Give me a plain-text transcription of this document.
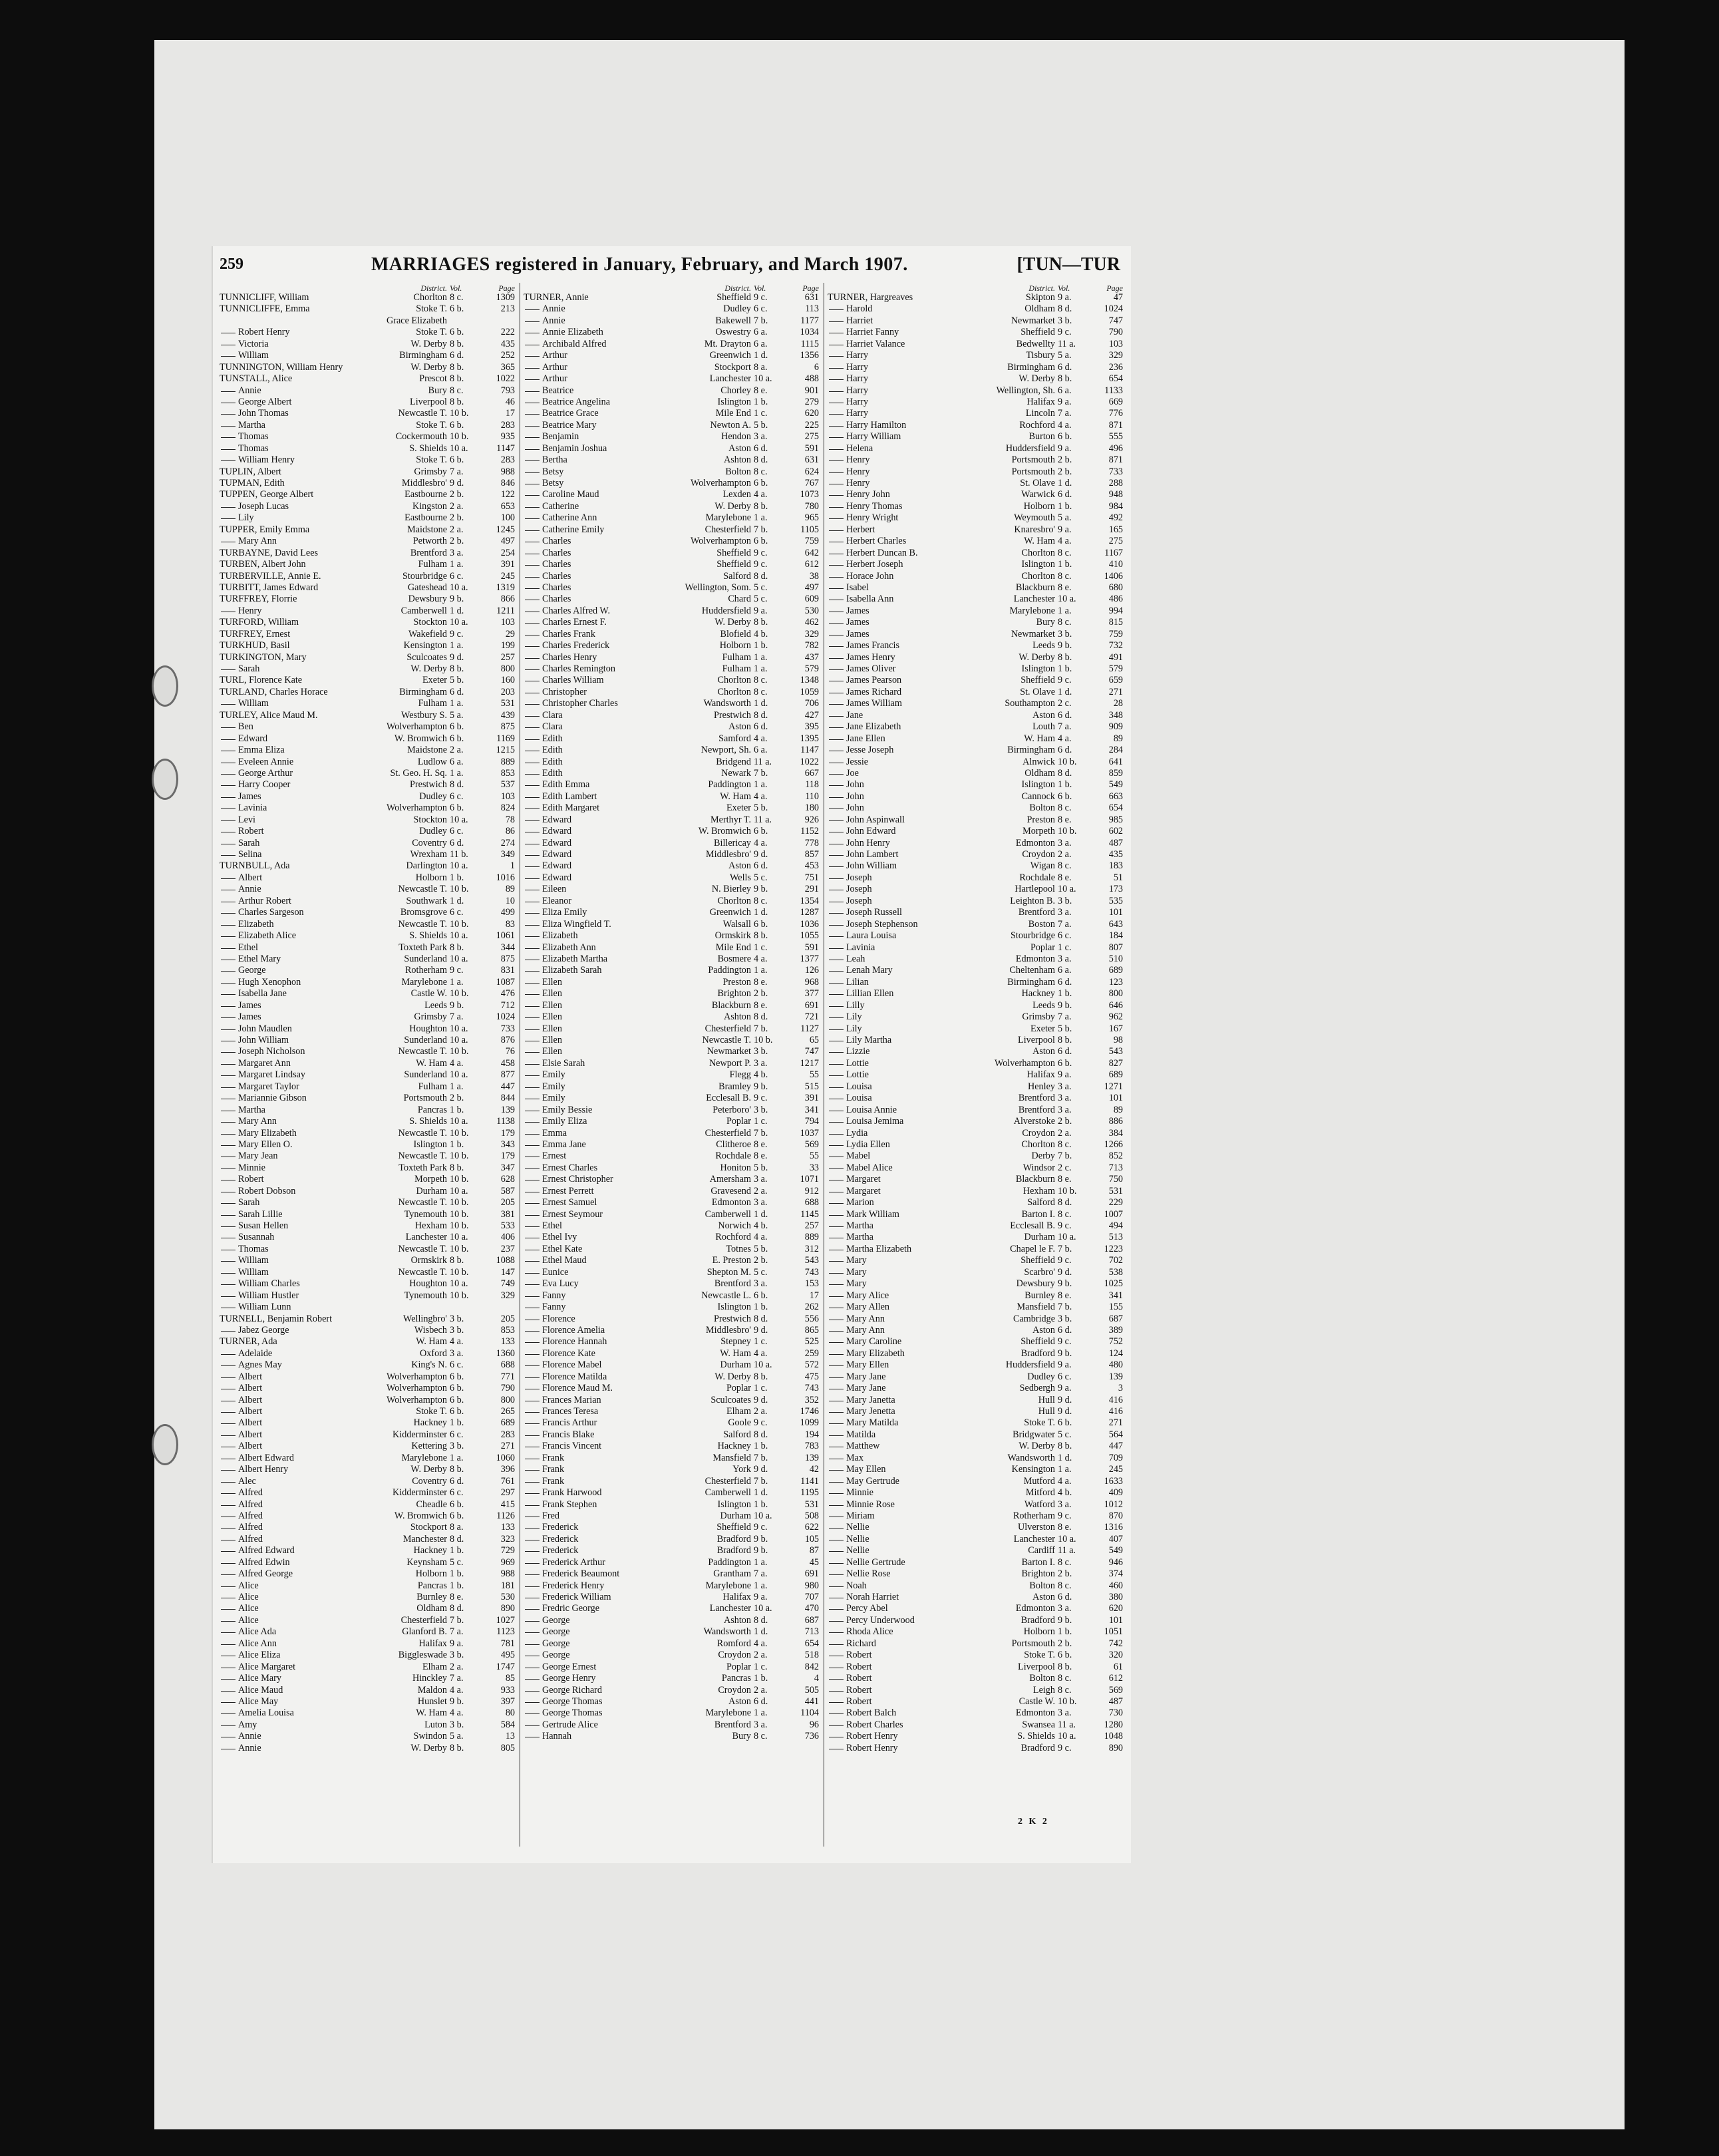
259	MARRIAGES registered in January, February, and March 1907.	[TUN—TUR
District. Vol.	Page
TUNNICLIFF, William	Chorlton 8 c.	1309
TUNNICLIFFE, Emma	Stoke T. 6 b.	213
Grace Elizabeth
Robert Henry	Stoke T. 6 b.	222
Victoria	W. Derby 8 b.	435
William	Birmingham 6 d.	252
TUNNINGTON, William Henry	W. Derby 8 b.	365
TUNSTALL, Alice	Prescot 8 b.	1022
Annie	Bury 8 c.	793
George Albert	Liverpool 8 b.	46
John Thomas	Newcastle T. 10 b.	17
Martha	Stoke T. 6 b.	283
Thomas	Cockermouth 10 b.	935
Thomas	S. Shields 10 a.	1147
William Henry	Stoke T. 6 b.	283
TUPLIN, Albert	Grimsby 7 a.	988
TUPMAN, Edith	Middlesbro' 9 d.	846
TUPPEN, George Albert	Eastbourne 2 b.	122
Joseph Lucas	Kingston 2 a.	653
Lily	Eastbourne 2 b.	100
TUPPER, Emily Emma	Maidstone 2 a.	1245
Mary Ann	Petworth 2 b.	497
TURBAYNE, David Lees	Brentford 3 a.	254
TURBEN, Albert John	Fulham 1 a.	391
TURBERVILLE, Annie E.	Stourbridge 6 c.	245
TURBITT, James Edward	Gateshead 10 a.	1319
TURFFREY, Florrie	Dewsbury 9 b.	866
Henry	Camberwell 1 d.	1211
TURFORD, William	Stockton 10 a.	103
TURFREY, Ernest	Wakefield 9 c.	29
TURKHUD, Basil	Kensington 1 a.	199
TURKINGTON, Mary	Sculcoates 9 d.	257
Sarah	W. Derby 8 b.	800
TURL, Florence Kate	Exeter 5 b.	160
TURLAND, Charles Horace	Birmingham 6 d.	203
William	Fulham 1 a.	531
TURLEY, Alice Maud M.	Westbury S. 5 a.	439
Ben	Wolverhampton 6 b.	875
Edward	W. Bromwich 6 b.	1169
Emma Eliza	Maidstone 2 a.	1215
Eveleen Annie	Ludlow 6 a.	889
George Arthur	St. Geo. H. Sq. 1 a.	853
Harry Cooper	Prestwich 8 d.	537
James	Dudley 6 c.	103
Lavinia	Wolverhampton 6 b.	824
Levi	Stockton 10 a.	78
Robert	Dudley 6 c.	86
Sarah	Coventry 6 d.	274
Selina	Wrexham 11 b.	349
TURNBULL, Ada	Darlington 10 a.	1
Albert	Holborn 1 b.	1016
Annie	Newcastle T. 10 b.	89
Arthur Robert	Southwark 1 d.	10
Charles Sargeson	Bromsgrove 6 c.	499
Elizabeth	Newcastle T. 10 b.	83
Elizabeth Alice	S. Shields 10 a.	1061
Ethel	Toxteth Park 8 b.	344
Ethel Mary	Sunderland 10 a.	875
George	Rotherham 9 c.	831
Hugh Xenophon	Marylebone 1 a.	1087
Isabella Jane	Castle W. 10 b.	476
James	Leeds 9 b.	712
James	Grimsby 7 a.	1024
John Maudlen	Houghton 10 a.	733
John William	Sunderland 10 a.	876
Joseph Nicholson	Newcastle T. 10 b.	76
Margaret Ann	W. Ham 4 a.	458
Margaret Lindsay	Sunderland 10 a.	877
Margaret Taylor	Fulham 1 a.	447
Mariannie Gibson	Portsmouth 2 b.	844
Martha	Pancras 1 b.	139
Mary Ann	S. Shields 10 a.	1138
Mary Elizabeth	Newcastle T. 10 b.	179
Mary Ellen O.	Islington 1 b.	343
Mary Jean	Newcastle T. 10 b.	179
Minnie	Toxteth Park 8 b.	347
Robert	Morpeth 10 b.	628
Robert Dobson	Durham 10 a.	587
Sarah	Newcastle T. 10 b.	205
Sarah Lillie	Tynemouth 10 b.	381
Susan Hellen	Hexham 10 b.	533
Susannah	Lanchester 10 a.	406
Thomas	Newcastle T. 10 b.	237
William	Ormskirk 8 b.	1088
William	Newcastle T. 10 b.	147
William Charles	Houghton 10 a.	749
William Hustler	Tynemouth 10 b.	329
William Lunn
TURNELL, Benjamin Robert	Wellingbro' 3 b.	205
Jabez George	Wisbech 3 b.	853
TURNER, Ada	W. Ham 4 a.	133
Adelaide	Oxford 3 a.	1360
Agnes May	King's N. 6 c.	688
Albert	Wolverhampton 6 b.	771
Albert	Wolverhampton 6 b.	790
Albert	Wolverhampton 6 b.	800
Albert	Stoke T. 6 b.	265
Albert	Hackney 1 b.	689
Albert	Kidderminster 6 c.	283
Albert	Kettering 3 b.	271
Albert Edward	Marylebone 1 a.	1060
Albert Henry	W. Derby 8 b.	396
Alec	Coventry 6 d.	761
Alfred	Kidderminster 6 c.	297
Alfred	Cheadle 6 b.	415
Alfred	W. Bromwich 6 b.	1126
Alfred	Stockport 8 a.	133
Alfred	Manchester 8 d.	323
Alfred Edward	Hackney 1 b.	729
Alfred Edwin	Keynsham 5 c.	969
Alfred George	Holborn 1 b.	988
Alice	Pancras 1 b.	181
Alice	Burnley 8 e.	530
Alice	Oldham 8 d.	890
Alice	Chesterfield 7 b.	1027
Alice Ada	Glanford B. 7 a.	1123
Alice Ann	Halifax 9 a.	781
Alice Eliza	Biggleswade 3 b.	495
Alice Margaret	Elham 2 a.	1747
Alice Mary	Hinckley 7 a.	85
Alice Maud	Maldon 4 a.	933
Alice May	Hunslet 9 b.	397
Amelia Louisa	W. Ham 4 a.	80
Amy	Luton 3 b.	584
Annie	Swindon 5 a.	13
Annie	W. Derby 8 b.	805
District. Vol.	Page
TURNER, Annie	Sheffield 9 c.	631
Annie	Dudley 6 c.	113
Annie	Bakewell 7 b.	1177
Annie Elizabeth	Oswestry 6 a.	1034
Archibald Alfred	Mt. Drayton 6 a.	1115
Arthur	Greenwich 1 d.	1356
Arthur	Stockport 8 a.	6
Arthur	Lanchester 10 a.	488
Beatrice	Chorley 8 e.	901
Beatrice Angelina	Islington 1 b.	279
Beatrice Grace	Mile End 1 c.	620
Beatrice Mary	Newton A. 5 b.	225
Benjamin	Hendon 3 a.	275
Benjamin Joshua	Aston 6 d.	591
Bertha	Ashton 8 d.	631
Betsy	Bolton 8 c.	624
Betsy	Wolverhampton 6 b.	767
Caroline Maud	Lexden 4 a.	1073
Catherine	W. Derby 8 b.	780
Catherine Ann	Marylebone 1 a.	965
Catherine Emily	Chesterfield 7 b.	1105
Charles	Wolverhampton 6 b.	759
Charles	Sheffield 9 c.	642
Charles	Sheffield 9 c.	612
Charles	Salford 8 d.	38
Charles	Wellington, Som. 5 c.	497
Charles	Chard 5 c.	609
Charles Alfred W.	Huddersfield 9 a.	530
Charles Ernest F.	W. Derby 8 b.	462
Charles Frank	Blofield 4 b.	329
Charles Frederick	Holborn 1 b.	782
Charles Henry	Fulham 1 a.	437
Charles Remington	Fulham 1 a.	579
Charles William	Chorlton 8 c.	1348
Christopher	Chorlton 8 c.	1059
Christopher Charles	Wandsworth 1 d.	706
Clara	Prestwich 8 d.	427
Clara	Aston 6 d.	395
Edith	Samford 4 a.	1395
Edith	Newport, Sh. 6 a.	1147
Edith	Bridgend 11 a.	1022
Edith	Newark 7 b.	667
Edith Emma	Paddington 1 a.	118
Edith Lambert	W. Ham 4 a.	110
Edith Margaret	Exeter 5 b.	180
Edward	Merthyr T. 11 a.	926
Edward	W. Bromwich 6 b.	1152
Edward	Billericay 4 a.	778
Edward	Middlesbro' 9 d.	857
Edward	Aston 6 d.	453
Edward	Wells 5 c.	751
Eileen	N. Bierley 9 b.	291
Eleanor	Chorlton 8 c.	1354
Eliza Emily	Greenwich 1 d.	1287
Eliza Wingfield T.	Walsall 6 b.	1036
Elizabeth	Ormskirk 8 b.	1055
Elizabeth Ann	Mile End 1 c.	591
Elizabeth Martha	Bosmere 4 a.	1377
Elizabeth Sarah	Paddington 1 a.	126
Ellen	Preston 8 e.	968
Ellen	Brighton 2 b.	377
Ellen	Blackburn 8 e.	691
Ellen	Ashton 8 d.	721
Ellen	Chesterfield 7 b.	1127
Ellen	Newcastle T. 10 b.	65
Ellen	Newmarket 3 b.	747
Elsie Sarah	Newport P. 3 a.	1217
Emily	Flegg 4 b.	55
Emily	Bramley 9 b.	515
Emily	Ecclesall B. 9 c.	391
Emily Bessie	Peterboro' 3 b.	341
Emily Eliza	Poplar 1 c.	794
Emma	Chesterfield 7 b.	1037
Emma Jane	Clitheroe 8 e.	569
Ernest	Rochdale 8 e.	55
Ernest Charles	Honiton 5 b.	33
Ernest Christopher	Amersham 3 a.	1071
Ernest Perrett	Gravesend 2 a.	912
Ernest Samuel	Edmonton 3 a.	688
Ernest Seymour	Camberwell 1 d.	1145
Ethel	Norwich 4 b.	257
Ethel Ivy	Rochford 4 a.	889
Ethel Kate	Totnes 5 b.	312
Ethel Maud	E. Preston 2 b.	543
Eunice	Shepton M. 5 c.	743
Eva Lucy	Brentford 3 a.	153
Fanny	Newcastle L. 6 b.	17
Fanny	Islington 1 b.	262
Florence	Prestwich 8 d.	556
Florence Amelia	Middlesbro' 9 d.	865
Florence Hannah	Stepney 1 c.	525
Florence Kate	W. Ham 4 a.	259
Florence Mabel	Durham 10 a.	572
Florence Matilda	W. Derby 8 b.	475
Florence Maud M.	Poplar 1 c.	743
Frances Marian	Sculcoates 9 d.	352
Frances Teresa	Elham 2 a.	1746
Francis Arthur	Goole 9 c.	1099
Francis Blake	Salford 8 d.	194
Francis Vincent	Hackney 1 b.	783
Frank	Mansfield 7 b.	139
Frank	York 9 d.	42
Frank	Chesterfield 7 b.	1141
Frank Harwood	Camberwell 1 d.	1195
Frank Stephen	Islington 1 b.	531
Fred	Durham 10 a.	508
Frederick	Sheffield 9 c.	622
Frederick	Bradford 9 b.	105
Frederick	Bradford 9 b.	87
Frederick Arthur	Paddington 1 a.	45
Frederick Beaumont	Grantham 7 a.	691
Frederick Henry	Marylebone 1 a.	980
Frederick William	Halifax 9 a.	707
Fredric George	Lanchester 10 a.	470
George	Ashton 8 d.	687
George	Wandsworth 1 d.	713
George	Romford 4 a.	654
George	Croydon 2 a.	518
George Ernest	Poplar 1 c.	842
George Henry	Pancras 1 b.	4
George Richard	Croydon 2 a.	505
George Thomas	Aston 6 d.	441
George Thomas	Marylebone 1 a.	1104
Gertrude Alice	Brentford 3 a.	96
Hannah	Bury 8 c.	736
District. Vol.	Page
TURNER, Hargreaves	Skipton 9 a.	47
Harold	Oldham 8 d.	1024
Harriet	Newmarket 3 b.	747
Harriet Fanny	Sheffield 9 c.	790
Harriet Valance	Bedwellty 11 a.	103
Harry	Tisbury 5 a.	329
Harry	Birmingham 6 d.	236
Harry	W. Derby 8 b.	654
Harry	Wellington, Sh. 6 a.	1133
Harry	Halifax 9 a.	669
Harry	Lincoln 7 a.	776
Harry Hamilton	Rochford 4 a.	871
Harry William	Burton 6 b.	555
Helena	Huddersfield 9 a.	496
Henry	Portsmouth 2 b.	871
Henry	Portsmouth 2 b.	733
Henry	St. Olave 1 d.	288
Henry John	Warwick 6 d.	948
Henry Thomas	Holborn 1 b.	984
Henry Wright	Weymouth 5 a.	492
Herbert	Knaresbro' 9 a.	165
Herbert Charles	W. Ham 4 a.	275
Herbert Duncan B.	Chorlton 8 c.	1167
Herbert Joseph	Islington 1 b.	410
Horace John	Chorlton 8 c.	1406
Isabel	Blackburn 8 e.	680
Isabella Ann	Lanchester 10 a.	486
James	Marylebone 1 a.	994
James	Bury 8 c.	815
James	Newmarket 3 b.	759
James Francis	Leeds 9 b.	732
James Henry	W. Derby 8 b.	491
James Oliver	Islington 1 b.	579
James Pearson	Sheffield 9 c.	659
James Richard	St. Olave 1 d.	271
James William	Southampton 2 c.	28
Jane	Aston 6 d.	348
Jane Elizabeth	Louth 7 a.	909
Jane Ellen	W. Ham 4 a.	89
Jesse Joseph	Birmingham 6 d.	284
Jessie	Alnwick 10 b.	641
Joe	Oldham 8 d.	859
John	Islington 1 b.	549
John	Cannock 6 b.	663
John	Bolton 8 c.	654
John Aspinwall	Preston 8 e.	985
John Edward	Morpeth 10 b.	602
John Henry	Edmonton 3 a.	487
John Lambert	Croydon 2 a.	435
John William	Wigan 8 c.	183
Joseph	Rochdale 8 e.	51
Joseph	Hartlepool 10 a.	173
Joseph	Leighton B. 3 b.	535
Joseph Russell	Brentford 3 a.	101
Joseph Stephenson	Boston 7 a.	643
Laura Louisa	Stourbridge 6 c.	184
Lavinia	Poplar 1 c.	807
Leah	Edmonton 3 a.	510
Lenah Mary	Cheltenham 6 a.	689
Lilian	Birmingham 6 d.	123
Lillian Ellen	Hackney 1 b.	800
Lilly	Leeds 9 b.	646
Lily	Grimsby 7 a.	962
Lily	Exeter 5 b.	167
Lily Martha	Liverpool 8 b.	98
Lizzie	Aston 6 d.	543
Lottie	Wolverhampton 6 b.	827
Lottie	Halifax 9 a.	689
Louisa	Henley 3 a.	1271
Louisa	Brentford 3 a.	101
Louisa Annie	Brentford 3 a.	89
Louisa Jemima	Alverstoke 2 b.	886
Lydia	Croydon 2 a.	384
Lydia Ellen	Chorlton 8 c.	1266
Mabel	Derby 7 b.	852
Mabel Alice	Windsor 2 c.	713
Margaret	Blackburn 8 e.	750
Margaret	Hexham 10 b.	531
Marion	Salford 8 d.	229
Mark William	Barton I. 8 c.	1007
Martha	Ecclesall B. 9 c.	494
Martha	Durham 10 a.	513
Martha Elizabeth	Chapel le F. 7 b.	1223
Mary	Sheffield 9 c.	702
Mary	Scarbro' 9 d.	538
Mary	Dewsbury 9 b.	1025
Mary Alice	Burnley 8 e.	341
Mary Allen	Mansfield 7 b.	155
Mary Ann	Cambridge 3 b.	687
Mary Ann	Aston 6 d.	389
Mary Caroline	Sheffield 9 c.	752
Mary Elizabeth	Bradford 9 b.	124
Mary Ellen	Huddersfield 9 a.	480
Mary Jane	Dudley 6 c.	139
Mary Jane	Sedbergh 9 a.	3
Mary Janetta	Hull 9 d.	416
Mary Jenetta	Hull 9 d.	416
Mary Matilda	Stoke T. 6 b.	271
Matilda	Bridgwater 5 c.	564
Matthew	W. Derby 8 b.	447
Max	Wandsworth 1 d.	709
May Ellen	Kensington 1 a.	245
May Gertrude	Mutford 4 a.	1633
Minnie	Mitford 4 b.	409
Minnie Rose	Watford 3 a.	1012
Miriam	Rotherham 9 c.	870
Nellie	Ulverston 8 e.	1316
Nellie	Lanchester 10 a.	407
Nellie	Cardiff 11 a.	549
Nellie Gertrude	Barton I. 8 c.	946
Nellie Rose	Brighton 2 b.	374
Noah	Bolton 8 c.	460
Norah Harriet	Aston 6 d.	380
Percy Abel	Edmonton 3 a.	620
Percy Underwood	Bradford 9 b.	101
Rhoda Alice	Holborn 1 b.	1051
Richard	Portsmouth 2 b.	742
Robert	Stoke T. 6 b.	320
Robert	Liverpool 8 b.	61
Robert	Bolton 8 c.	612
Robert	Leigh 8 c.	569
Robert	Castle W. 10 b.	487
Robert Balch	Edmonton 3 a.	730
Robert Charles	Swansea 11 a.	1280
Robert Henry	S. Shields 10 a.	1048
Robert Henry	Bradford 9 c.	890
2 K 2
